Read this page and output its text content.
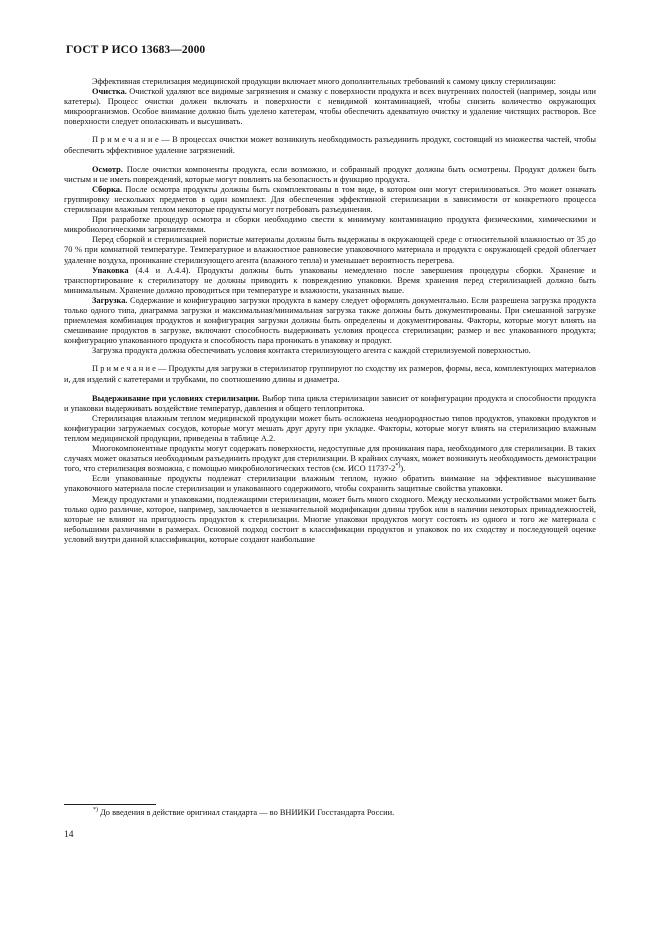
ГОСТ Р ИСО 13683—2000

Эффективная стерилизация медицинской продукции включает много дополнительных требований к самому циклу стерилизации:

Очистка. Очисткой удаляют все видимые загрязнения и смазку с поверхности продукта и всех внутренних полостей (например, зонды или катетеры). Процесс очистки должен включать и поверхности с невидимой контаминацией, чтобы снизить количество окружающих микроорганизмов. Особое внимание должно быть уделено катетерам, чтобы обеспечить адекватную очистку и удаление чистящих растворов. Все поверхности следует ополаскивать и высушивать.

П р и м е ч а н и е — В процессах очистки может возникнуть необходимость разъединить продукт, состоящий из множества частей, чтобы обеспечить эффективное удаление загрязнений.

Осмотр. После очистки компоненты продукта, если возможно, и собранный продукт должны быть осмотрены. Продукт должен быть чистым и не иметь повреждений, которые могут повлиять на безопасность и функцию продукта.

Сборка. После осмотра продукты должны быть скомплектованы в том виде, в котором они могут стерилизоваться. Это может означать группировку нескольких предметов в один комплект. Для обеспечения эффективной стерилизации в зависимости от конкретного процесса стерилизации влажным теплом некоторые продукты могут потребовать разъединения.

При разработке процедур осмотра и сборки необходимо свести к минимуму контаминацию продукта физическими, химическими и микробиологическими загрязнителями.

Перед сборкой и стерилизацией пористые материалы должны быть выдержаны в окружающей среде с относительной влажностью от 35 до 70 % при комнатной температуре. Температурное и влажностное равновесие упаковочного материала и продукта с окружающей средой облегчает удаление воздуха, проникание стерилизующего агента (влажного тепла) и уменьшает вероятность перегрева.

Упаковка (4.4 и А.4.4). Продукты должны быть упакованы немедленно после завершения процедуры сборки. Хранение и транспортирование к стерилизатору не должны приводить к повреждению упаковки. Время хранения перед стерилизацией должно быть минимальным. Хранение должно проводиться при температуре и влажности, указанных выше.

Загрузка. Содержание и конфигурацию загрузки продукта в камеру следует оформлять документально. Если разрешена загрузка продукта только одного типа, диаграмма загрузки и максимальная/минимальная загрузка также должны быть документированы. При смешанной загрузке приемлемая комбинация продуктов и конфигурация загрузки должны быть определены и документированы. Факторы, которые могут влиять на смешивание продуктов в загрузке, включают способность выдерживать условия процесса стерилизации; размер и вес упакованного продукта; конфигурацию упакованного продукта и способность пара проникать в упаковку и продукт.

Загрузка продукта должна обеспечивать условия контакта стерилизующего агента с каждой стерилизуемой поверхностью.

П р и м е ч а н и е — Продукты для загрузки в стерилизатор группируют по сходству их размеров, формы, веса, комплектующих материалов и, для изделий с катетерами и трубками, по соотношению длины и диаметра.

Выдерживание при условиях стерилизации. Выбор типа цикла стерилизации зависит от конфигурации продукта и способности продукта и упаковки выдерживать воздействие температур, давления и общего теплопритока.

Стерилизация влажным теплом медицинской продукции может быть осложнена неоднородностью типов продуктов, упаковки продуктов и конфигурации загружаемых сосудов, которые могут мешать друг другу при укладке. Факторы, которые могут влиять на стерилизацию влажным теплом медицинской продукции, приведены в таблице А.2.

Многокомпонентные продукты могут содержать поверхности, недоступные для проникания пара, необходимого для стерилизации. В таких случаях может оказаться необходимым разъединить продукт для стерилизации. В крайних случаях, может возникнуть необходимость демонстрации того, что стерилизация возможна, с помощью микробиологических тестов (см. ИСО 11737-2*)).

Если упакованные продукты подлежат стерилизации влажным теплом, нужно обратить внимание на эффективное высушивание упаковочного материала после стерилизации и упакованного содержимого, чтобы сохранить защитные свойства упаковки.

Между продуктами и упаковками, подлежащими стерилизации, может быть много сходного. Между несколькими устройствами может быть только одно различие, которое, например, заключается в незначительной модификации длины трубок или в наличии некоторых принадлежностей, которые не влияют на пригодность продуктов к стерилизации. Многие упаковки продуктов могут состоять из одного и того же материала с небольшими различиями в размерах. Основной подход состоит в классификации продуктов и упаковок по их сходству и последующей оценке условий внутри данной классификации, которые создают наибольшие

*) До введения в действие оригинал стандарта — во ВНИИКИ Госстандарта России.
14
